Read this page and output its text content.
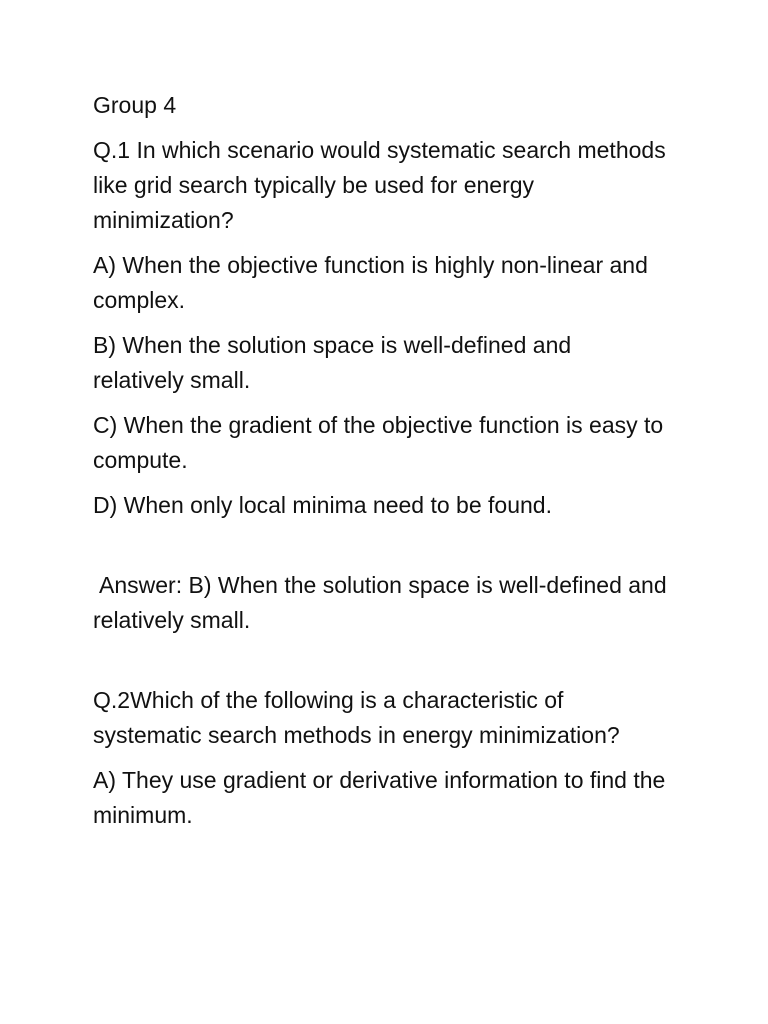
Group 4

Q.1 In which scenario would systematic search methods like grid search typically be used for energy minimization?

A) When the objective function is highly non-linear and complex.

B) When the solution space is well-defined and relatively small.

C) When the gradient of the objective function is easy to compute.

D) When only local minima need to be found.

Answer: B) When the solution space is well-defined and relatively small.

Q.2Which of the following is a characteristic of systematic search methods in energy minimization?

A) They use gradient or derivative information to find the minimum.
